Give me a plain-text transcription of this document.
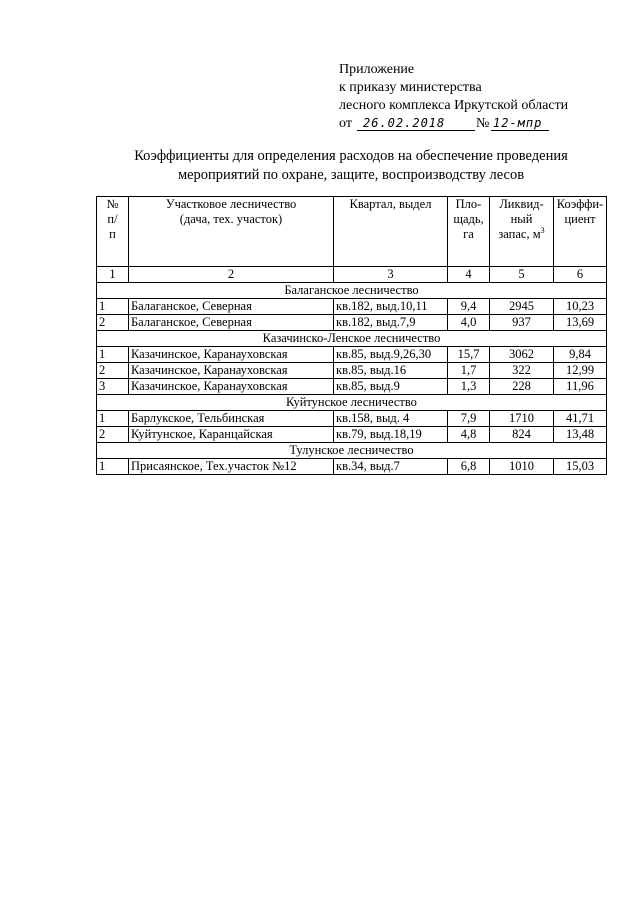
Приложение
к приказу министерства
лесного комплекса Иркутской области
от 26.02.2018 № 12-мпр
Коэффициенты для определения расходов на обеспечение проведения
мероприятий по охране, защите, воспроизводству лесов
№ п/п	Участковое лесничество (дача, тех. участок)	Квартал, выдел	Пло-щадь, га	Ликвид-ный запас, $м^3$	Коэффи-циент

1	2	3	4	5	6
Балаганское лесничество					
1	Балаганское, Северная	кв.182, выд.10,11	9,4	2945	10,23
2	Балаганское, Северная	кв.182, выд.7,9	4,0	937	13,69
Казачинско-Ленское лесничество					
1	Казачинское, Каранауховская	кв.85, выд.9,26,30	15,7	3062	9,84
2	Казачинское, Каранауховская	кв.85, выд.16	1,7	322	12,99
3	Казачинское, Каранауховская	кв.85, выд.9	1,3	228	11,96
Куйтунское лесничество					
1	Барлукское, Тельбинская	кв.158, выд. 4	7,9	1710	41,71
2	Куйтунское, Каранцайская	кв.79, выд.18,19	4,8	824	13,48
Тулунское лесничество					
1	Присаянское, Тех.участок №12	кв.34, выд.7	6,8	1010	15,03
